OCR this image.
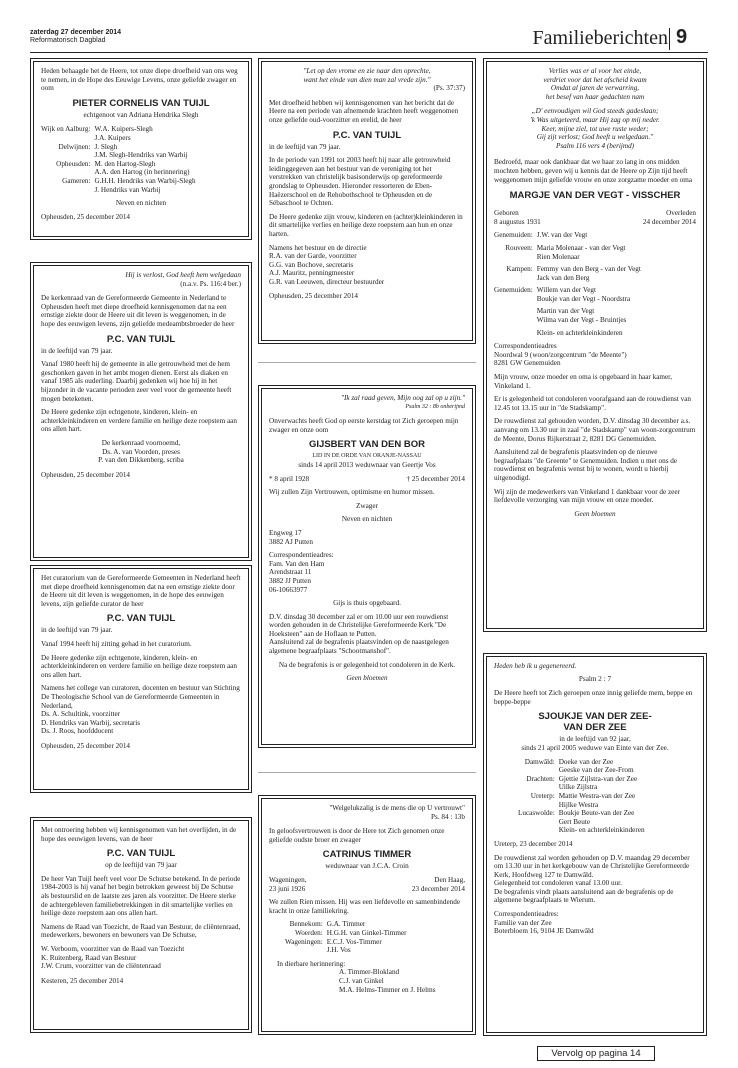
zaterdag 27 december 2014
Reformatorisch Dagblad	Familieberichten 9
Heden behaagde het de Heere, tot onze diepe droefheid van ons weg te nemen, in de Hope des Eeuwige Levens, onze geliefde zwager en oom
PIETER CORNELIS VAN TUIJL
echtgenoot van Adriana Hendrika Slegh
Wijk en Aalburg: W.A. Kuipers-Slegh
J.A. Kuipers
Delwijnen: J. Slegh
J.M. Slegh-Hendriks van Warbij
Opheusden: M. den Hartog-Slegh
A.A. den Hartog (in herinnering)
Gameren: G.H.H. Hendriks van Warbij-Slegh
J. Hendriks van Warbij
Neven en nichten
Opheusden, 25 december 2014
Hij is verlost, God heeft hem welgedaan
(n.a.v. Ps. 116:4 ber.)
De kerkenraad van de Gereformeerde Gemeente in Nederland te Opheusden heeft met diepe droefheid kennisgenomen dat na een ernstige ziekte door de Heere uit dit leven is weggenomen, in de hope des eeuwigen levens, zijn geliefde medeambtsbroeder de heer
P.C. VAN TUIJL
in de leeftijd van 79 jaar.
Vanaf 1980 heeft hij de gemeente in alle getrouwheid met de hem geschonken gaven in het ambt mogen dienen. Eerst als diaken en vanaf 1985 als ouderling. Daarbij gedenken wij hoe hij in het bijzonder in de vacante perioden zeer veel voor de gemeente heeft mogen betekenen.
De Heere gedenke zijn echtgenote, kinderen, klein- en achterkleinkinderen en verdere familie en heilige deze roepstem aan ons allen hart.
De kerkenraad voornoemd,
Ds. A. van Voorden, preses
P. van den Dikkenberg, scriba
Opheusden, 25 december 2014
Het curatorium van de Gereformeerde Gemeenten in Nederland heeft met diepe droefheid kennisgenomen dat na een ernstige ziekte door de Heere uit dit leven is weggenomen, in de hope des eeuwigen levens, zijn geliefde curator de heer
P.C. VAN TUIJL
in de leeftijd van 79 jaar.
Vanaf 1994 heeft hij zitting gehad in het curatorium.
De Heere gedenke zijn echtgenote, kinderen, klein- en achterkleinkinderen en verdere familie en heilige deze roepstem aan ons allen hart.
Namens het college van curatoren, docenten en bestuur van Stichting De Theologische School van de Gereformeerde Gemeenten in Nederland,
Ds. A. Schultink, voorzitter
D. Hendriks van Warbij, secretaris
Ds. J. Roos, hoofddocent
Opheusden, 25 december 2014
Met ontroering hebben wij kennisgenomen van het overlijden, in de hope des eeuwigen levens, van de heer
P.C. VAN TUIJL
op de leeftijd van 79 jaar
De heer Van Tuijl heeft veel voor De Schutse betekend. In de periode 1984-2003 is hij vanaf het begin betrokken geweest bij De Schutse als bestuurslid en de laatste zes jaren als voorzitter. De Heere sterke de achtergebleven familiebetrekkingen in dit smartelijke verlies en heilige deze roepstem aan ons allen hart.
Namens de Raad van Toezicht, de Raad van Bestuur, de cliëntenraad, medewerkers, bewoners en bewoners van De Schutse,
W. Verboom, voorzitter van de Raad van Toezicht
K. Ruitenberg, Raad van Bestuur
J.W. Crum, voorzitter van de cliëntenraad
Kesteren, 25 december 2014
"Let op den vrome en zie naar den oprechte,
want het einde van dien man zal vrede zijn."
(Ps. 37:37)
Met droefheid hebben wij kennisgenomen van het bericht dat de Heere na een periode van afnemende krachten heeft weggenomen onze geliefde oud-voorzitter en erelid, de heer
P.C. VAN TUIJL
in de leeftijd van 79 jaar.
In de periode van 1991 tot 2003 heeft hij naar alle getrouwheid leidinggegeven aan het bestuur van de vereniging tot het verstrekken van christelijk basisonderwijs op gereformeerde grondslag te Opheusden. Hieronder ressorteren de Eben-Haëzerschool en de Rehobothschool te Opheusden en de Sébaschool te Ochten.
De Heere gedenke zijn vrouw, kinderen en (achter)kleinkinderen in dit smartelijke verlies en heilige deze roepstem aan hun en onze harten.
Namens het bestuur en de directie
R.A. van der Garde, voorzitter
G.G. van Bochove, secretaris
A.J. Mauritz, penningmeester
G.R. van Leeuwen, directeur bestuurder
Opheusden, 25 december 2014
"Ik zal raad geven, Mijn oog zal op u zijn."
Psalm 32 : 8b onberijmd
Onverwachts heeft God op eerste kerstdag tot Zich geroepen mijn zwager en onze oom
GIJSBERT VAN DEN BOR
LID IN DE ORDE VAN ORANJE-NASSAU
sinds 14 april 2013 weduwnaar van Geertje Vos
* 8 april 1928	† 25 december 2014
Wij zullen Zijn Vertrouwen, optimisme en humor missen.
Zwager
Neven en nichten
Engweg 17
3882 AJ Putten
Correspondentieadres:
Fam. Van den Ham
Arendstraat 11
3882 JJ Putten
06-10663977
Gijs is thuis opgebaard.
D.V. dinsdag 30 december zal er om 10.00 uur een rouwdienst worden gehouden in de Christelijke Gereformeerde Kerk "De Hoeksteen" aan de Hoflaan te Putten.
Aansluitend zal de begrafenis plaatsvinden op de naastgelegen algemene begraafplaats "Schootmanshof".
Na de begrafenis is er gelegenheid tot condoleren in de Kerk.
Geen bloemen
"Welgelukzalig is de mens die op U vertrouwt"
Ps. 84 : 13b
In geloofsvertrouwen is door de Here tot Zich genomen onze geliefde oudste broer en zwager
CATRINUS TIMMER
weduwnaar van J.C.A. Croin
Wageningen,	Den Haag,
23 juni 1926	23 december 2014
We zullen Rien missen. Hij was een liefdevolle en samenbindende kracht in onze familiekring.
Bennekom: G.A. Timmer
Woerden: H.G.H. van Ginkel-Timmer
Wageningen: E.C.J. Vos-Timmer
J.H. Vos
In dierbare herinnering:
A. Timmer-Blokland
C.J. van Ginkel
M.A. Helms-Timmer en J. Helms
Verlies was er al voor het einde,
verdriet voor dat het afscheid kwam
Omdat al jaren de verwarring,
het besef van haar gedachten nam
„D' eenvoudigen wil God steeds gadeslaan;
'k Was uitgeteerd, maar Hij zag op mij neder.
Keer, mijne ziel, tot uwe ruste weder;
Gij zijt verlost; God heeft u welgedaan."
Psalm 116 vers 4 (berijmd)
Bedroefd, maar ook dankbaar dat we haar zo lang in ons midden mochten hebben, geven wij u kennis dat de Heere op Zijn tijd heeft weggenomen mijn geliefde vrouw en onze zorgzame moeder en oma
MARGJE VAN DER VEGT - VISSCHER
Geboren	Overleden
8 augustus 1931	24 december 2014
Genemuiden: J.W. van der Vegt
Rouveen: Maria Molenaar - van der Vegt
Rien Molenaar
Kampen: Femmy van den Berg - van der Vegt
Jack van den Berg
Genemuiden: Willem van der Vegt
Boukje van der Vegt - Noordstra
Martin van der Vegt
Wilma van der Vegt - Bruintjes
Klein- en achterkleinkinderen
Correspondentieadres
Noordwal 9 (woon/zorgcentrum "de Meente")
8281 GW Genemuiden
Mijn vrouw, onze moeder en oma is opgebaard in haar kamer, Vinkeland 1.
Er is gelegenheid tot condoleren voorafgaand aan de rouwdienst van 12.45 tot 13.15 uur in "de Stadskamp".
De rouwdienst zal gehouden worden, D.V. dinsdag 30 december a.s. aanvang om 13.30 uur in zaal "de Stadskamp" van woon-zorgcentrum de Meente, Dorus Rijkerstraat 2, 8281 DG Genemuiden.
Aansluitend zal de begrafenis plaatsvinden op de nieuwe begraafplaats "de Greente" te Genemuiden. Indien u met ons de rouwdienst en begrafenis wenst bij te wonen, wordt u hierbij uitgenodigd.
Wij zijn de medewerkers van Vinkeland 1 dankbaar voor de zeer liefdevolle verzorging van mijn vrouw en onze moeder.
Geen bloemen
Heden heb ik u gegenereerd.
Psalm 2 : 7
De Heere heeft tot Zich geroepen onze innig geliefde mem, beppe en beppe-beppe
SJOUKJE VAN DER ZEE-
VAN DER ZEE
in de leeftijd van 92 jaar,
sinds 21 april 2005 weduwe van Einte van der Zee.
Damwâld: Doeke van der Zee
Geeske van der Zee-From
Drachten: Gjettie Zijlstra-van der Zee
Uilke Zijlstra
Ureterp: Mattie Westra-van der Zee
Hijlke Westra
Lucaswolde: Boukje Beute-van der Zee
Gert Beute
Klein- en achterkleinkinderen
Ureterp, 23 december 2014
De rouwdienst zal worden gehouden op D.V. maandag 29 december om 13.30 uur in het kerkgebouw van de Christelijke Gereformeerde Kerk, Hoofdweg 127 te Damwâld.
Gelegenheid tot condoleren vanaf 13.00 uur.
De begrafenis vindt plaats aansluitend aan de begrafenis op de algemene begraafplaats te Wierum.
Correspondentieadres:
Familie van der Zee
Boterbloem 16, 9104 JE Damwâld
Vervolg op pagina 14
